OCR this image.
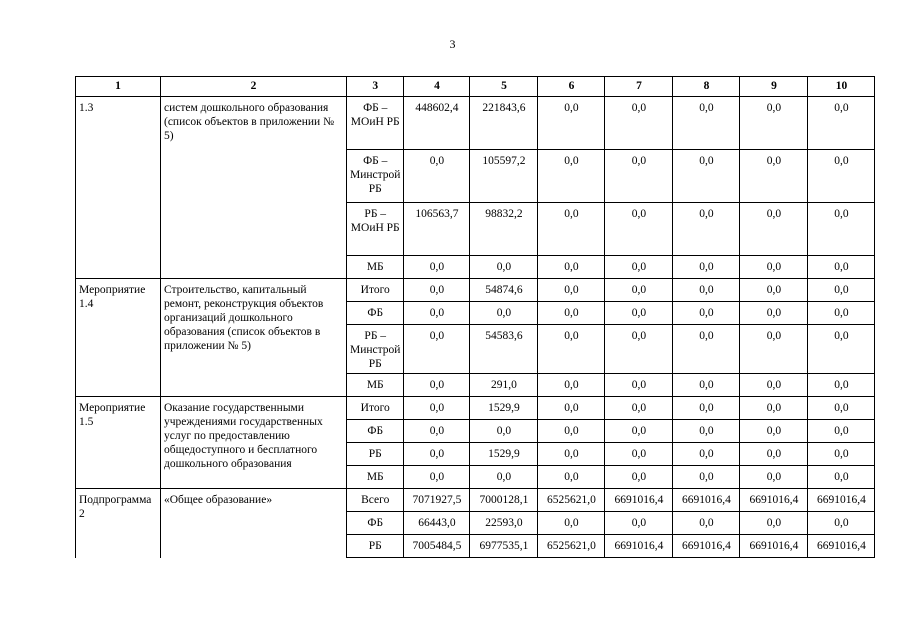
3
1	2	3	4	5	6	7	8	9	10
1.3	систем дошкольного образования (список объектов в приложении № 5)	ФБ – МОиН РБ	448602,4	221843,6	0,0	0,0	0,0	0,0	0,0
		ФБ – Минстрой РБ	0,0	105597,2	0,0	0,0	0,0	0,0	0,0
		РБ – МОиН РБ	106563,7	98832,2	0,0	0,0	0,0	0,0	0,0
		МБ	0,0	0,0	0,0	0,0	0,0	0,0	0,0
Мероприятие 1.4	Строительство, капитальный ремонт, реконструкция объектов организаций дошкольного образования (список объектов в приложении № 5)	Итого	0,0	54874,6	0,0	0,0	0,0	0,0	0,0
		ФБ	0,0	0,0	0,0	0,0	0,0	0,0	0,0
		РБ – Минстрой РБ	0,0	54583,6	0,0	0,0	0,0	0,0	0,0
		МБ	0,0	291,0	0,0	0,0	0,0	0,0	0,0
Мероприятие 1.5	Оказание государственными учреждениями государственных услуг по предоставлению общедоступного и бесплатного дошкольного образования	Итого	0,0	1529,9	0,0	0,0	0,0	0,0	0,0
		ФБ	0,0	0,0	0,0	0,0	0,0	0,0	0,0
		РБ	0,0	1529,9	0,0	0,0	0,0	0,0	0,0
		МБ	0,0	0,0	0,0	0,0	0,0	0,0	0,0
Подпрограмма 2	«Общее образование»	Всего	7071927,5	7000128,1	6525621,0	6691016,4	6691016,4	6691016,4	6691016,4
		ФБ	66443,0	22593,0	0,0	0,0	0,0	0,0	0,0
		РБ	7005484,5	6977535,1	6525621,0	6691016,4	6691016,4	6691016,4	6691016,4
